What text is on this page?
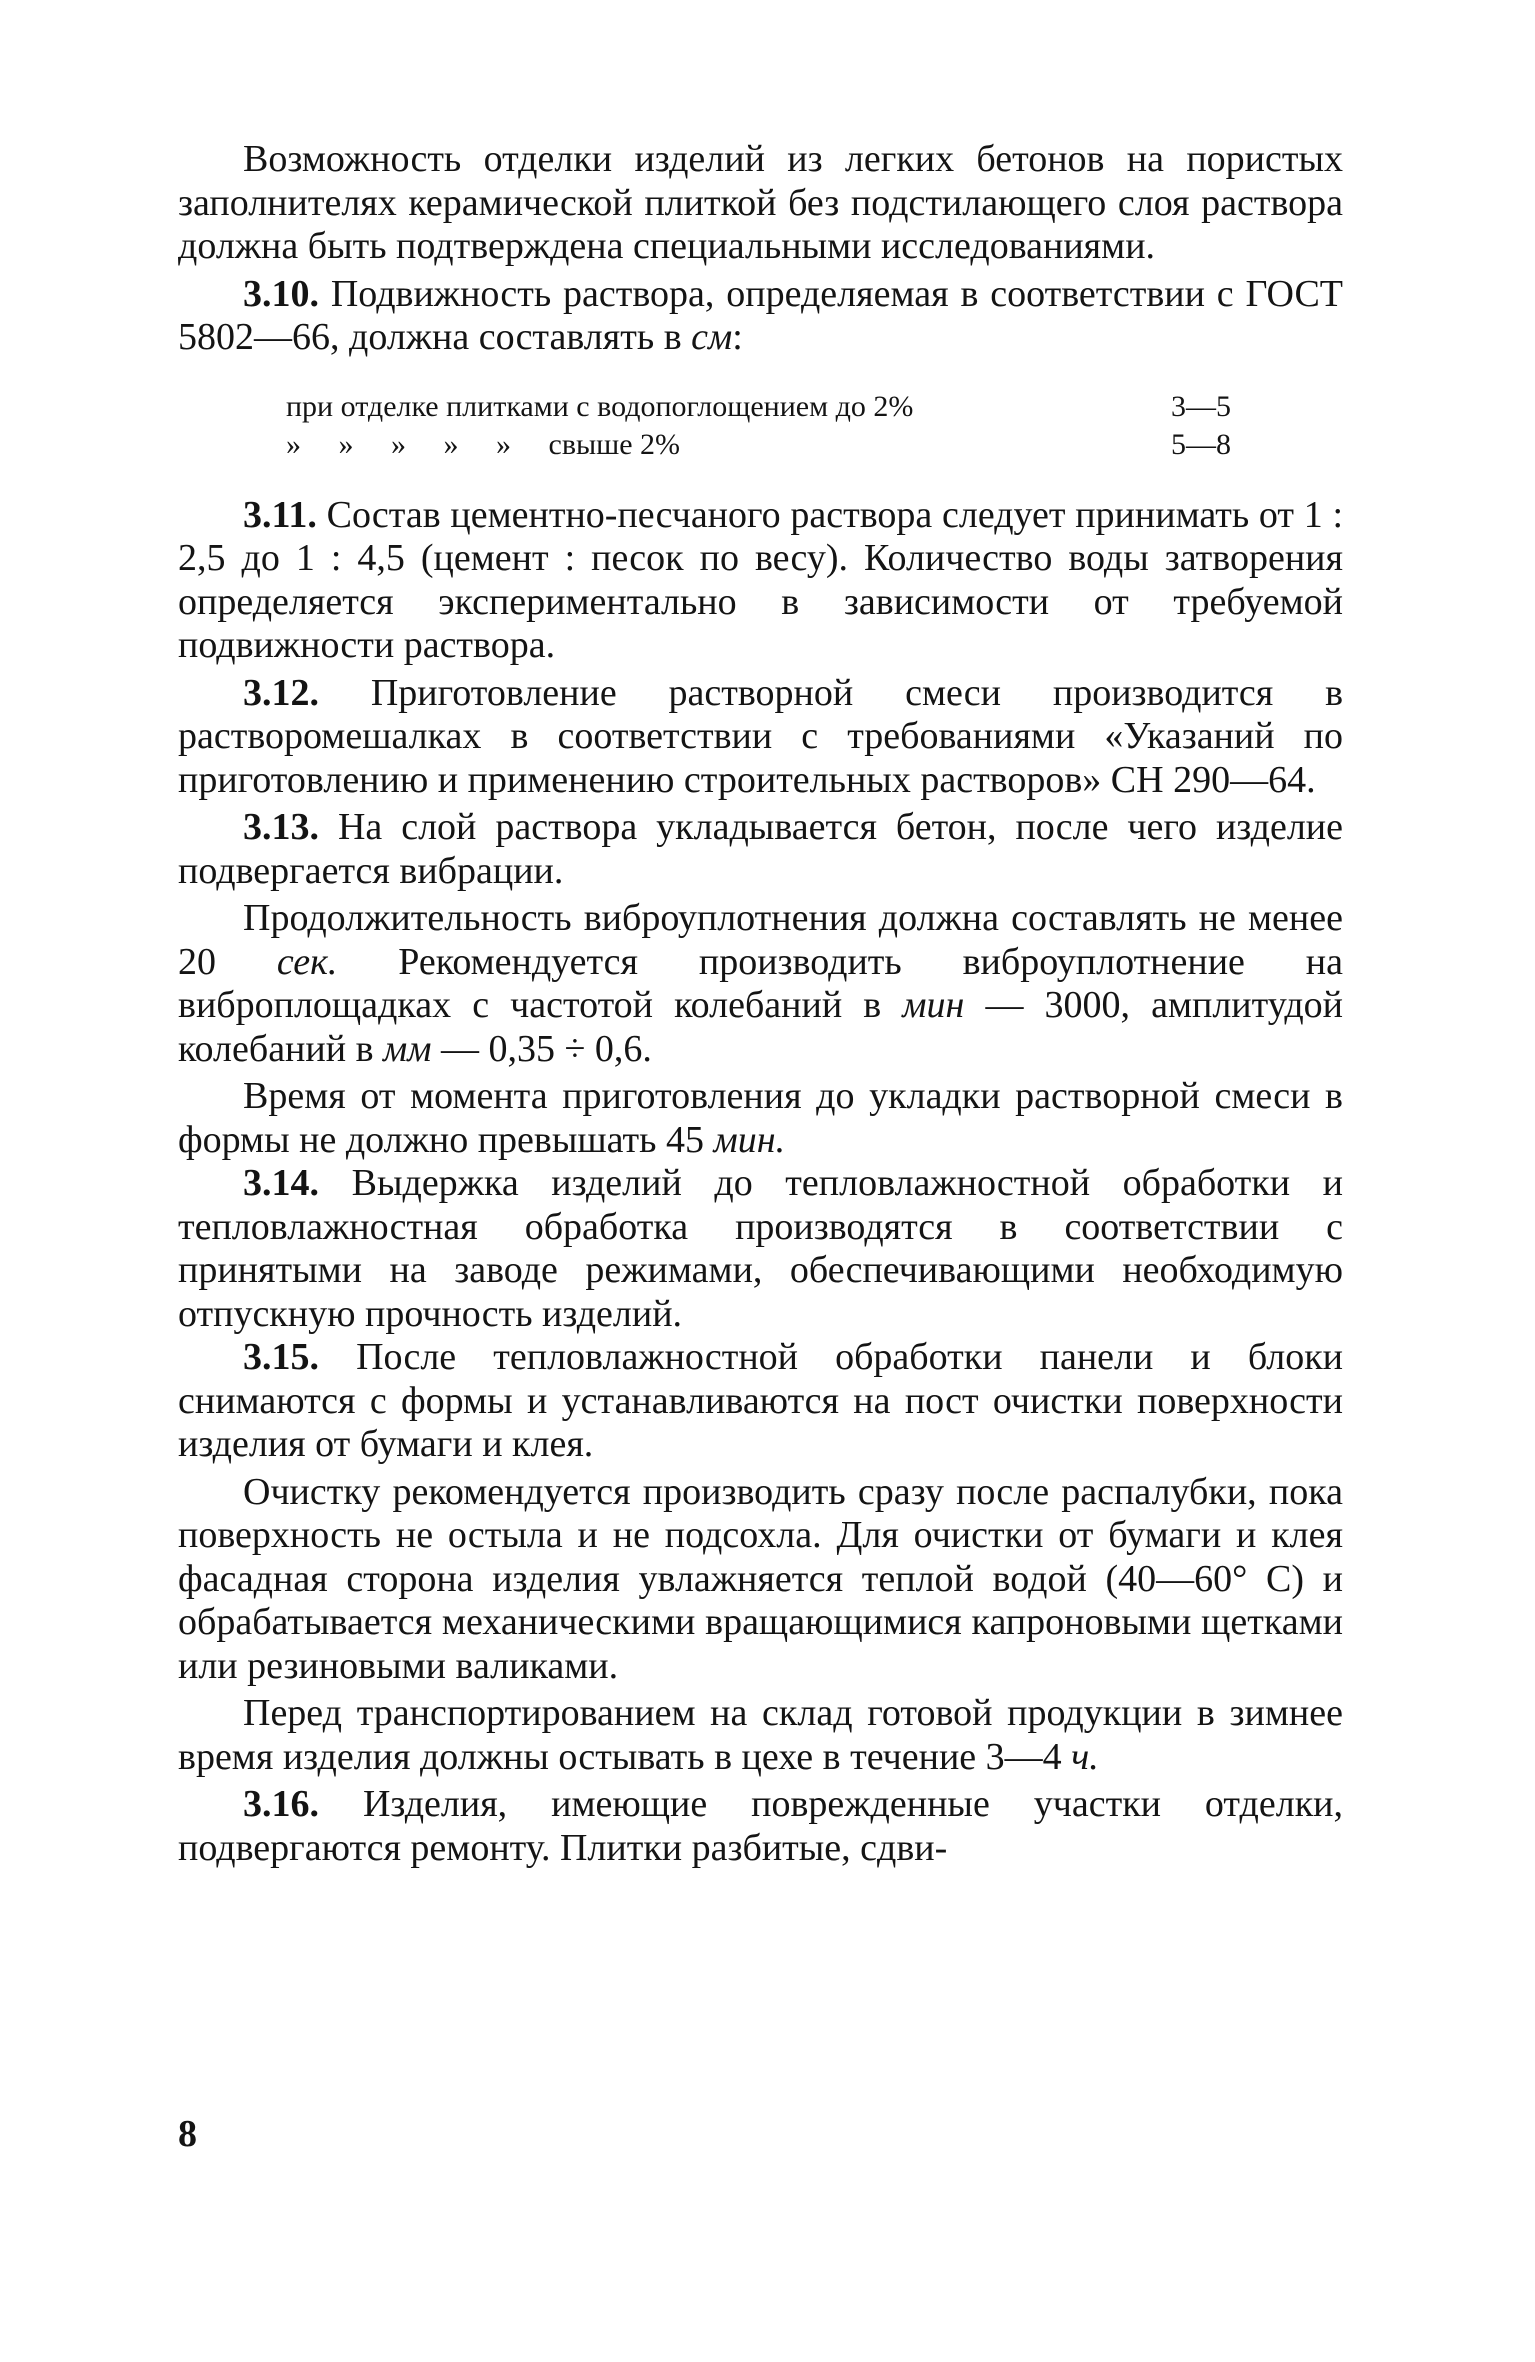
Возможность отделки изделий из легких бетонов на пористых заполнителях керамической плиткой без подстилающего слоя раствора должна быть подтверждена специальными исследованиями.

3.10. Подвижность раствора, определяемая в соответствии с ГОСТ 5802—66, должна составлять в см:

при отделке плитками с водопоглощением до 2%	3—5
»     »     »     »     »     свыше 2%	5—8

3.11. Состав цементно-песчаного раствора следует принимать от 1 : 2,5 до 1 : 4,5 (цемент : песок по весу). Количество воды затворения определяется экспериментально в зависимости от требуемой подвижности раствора.

3.12. Приготовление растворной смеси производится в растворомешалках в соответствии с требованиями «Указаний по приготовлению и применению строительных растворов» СН 290—64.

3.13. На слой раствора укладывается бетон, после чего изделие подвергается вибрации.

Продолжительность виброуплотнения должна составлять не менее 20 сек. Рекомендуется производить виброуплотнение на виброплощадках с частотой колебаний в мин — 3000, амплитудой колебаний в мм — 0,35 ÷ 0,6.

Время от момента приготовления до укладки растворной смеси в формы не должно превышать 45 мин.

3.14. Выдержка изделий до тепловлажностной обработки и тепловлажностная обработка производятся в соответствии с принятыми на заводе режимами, обеспечивающими необходимую отпускную прочность изделий.

3.15. После тепловлажностной обработки панели и блоки снимаются с формы и устанавливаются на пост очистки поверхности изделия от бумаги и клея.

Очистку рекомендуется производить сразу после распалубки, пока поверхность не остыла и не подсохла. Для очистки от бумаги и клея фасадная сторона изделия увлажняется теплой водой (40—60° С) и обрабатывается механическими вращающимися капроновыми щетками или резиновыми валиками.

Перед транспортированием на склад готовой продукции в зимнее время изделия должны остывать в цехе в течение 3—4 ч.

3.16. Изделия, имеющие поврежденные участки отделки, подвергаются ремонту. Плитки разбитые, сдви-

8
